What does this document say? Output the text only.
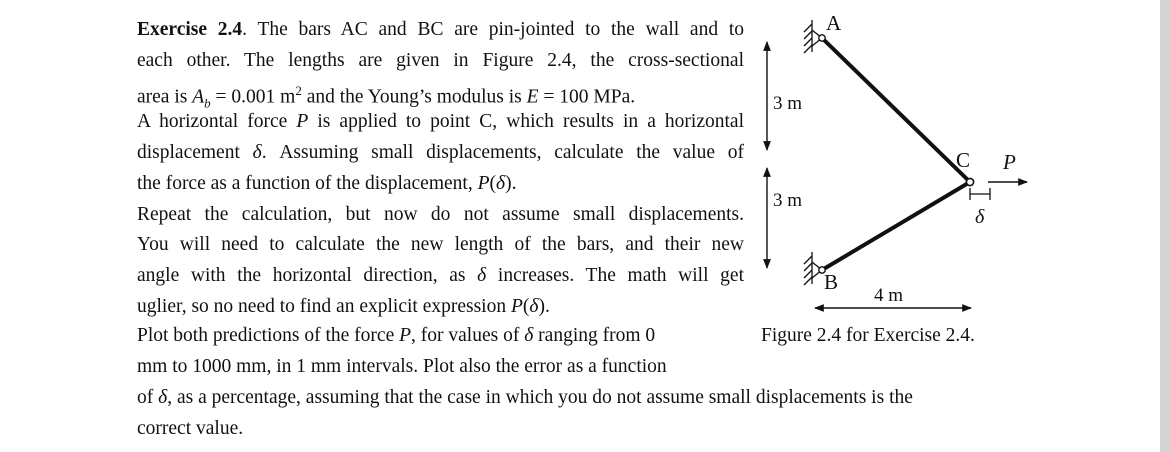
Exercise 2.4. The bars AC and BC are pin-jointed to the wall and to
each other. The lengths are given in Figure 2.4, the cross-sectional
area is $A_b = 0.001$ $m^2$ and the Young’s modulus is E = 100 MPa.
A horizontal force P is applied to point C, which results in a horizontal
displacement δ. Assuming small displacements, calculate the value of
the force as a function of the displacement, P(δ).
Repeat the calculation, but now do not assume small displacements.
You will need to calculate the new length of the bars, and their new
angle with the horizontal direction, as δ increases. The math will get
uglier, so no need to find an explicit expression P(δ).
Plot both predictions of the force P, for values of δ ranging from 0
mm to 1000 mm, in 1 mm intervals. Plot also the error as a function
of δ, as a percentage, assuming that the case in which you do not assume small displacements is the
correct value.
3 m
3 m
4 m
A
B
C P
δ
Figure 2.4 for Exercise 2.4.
